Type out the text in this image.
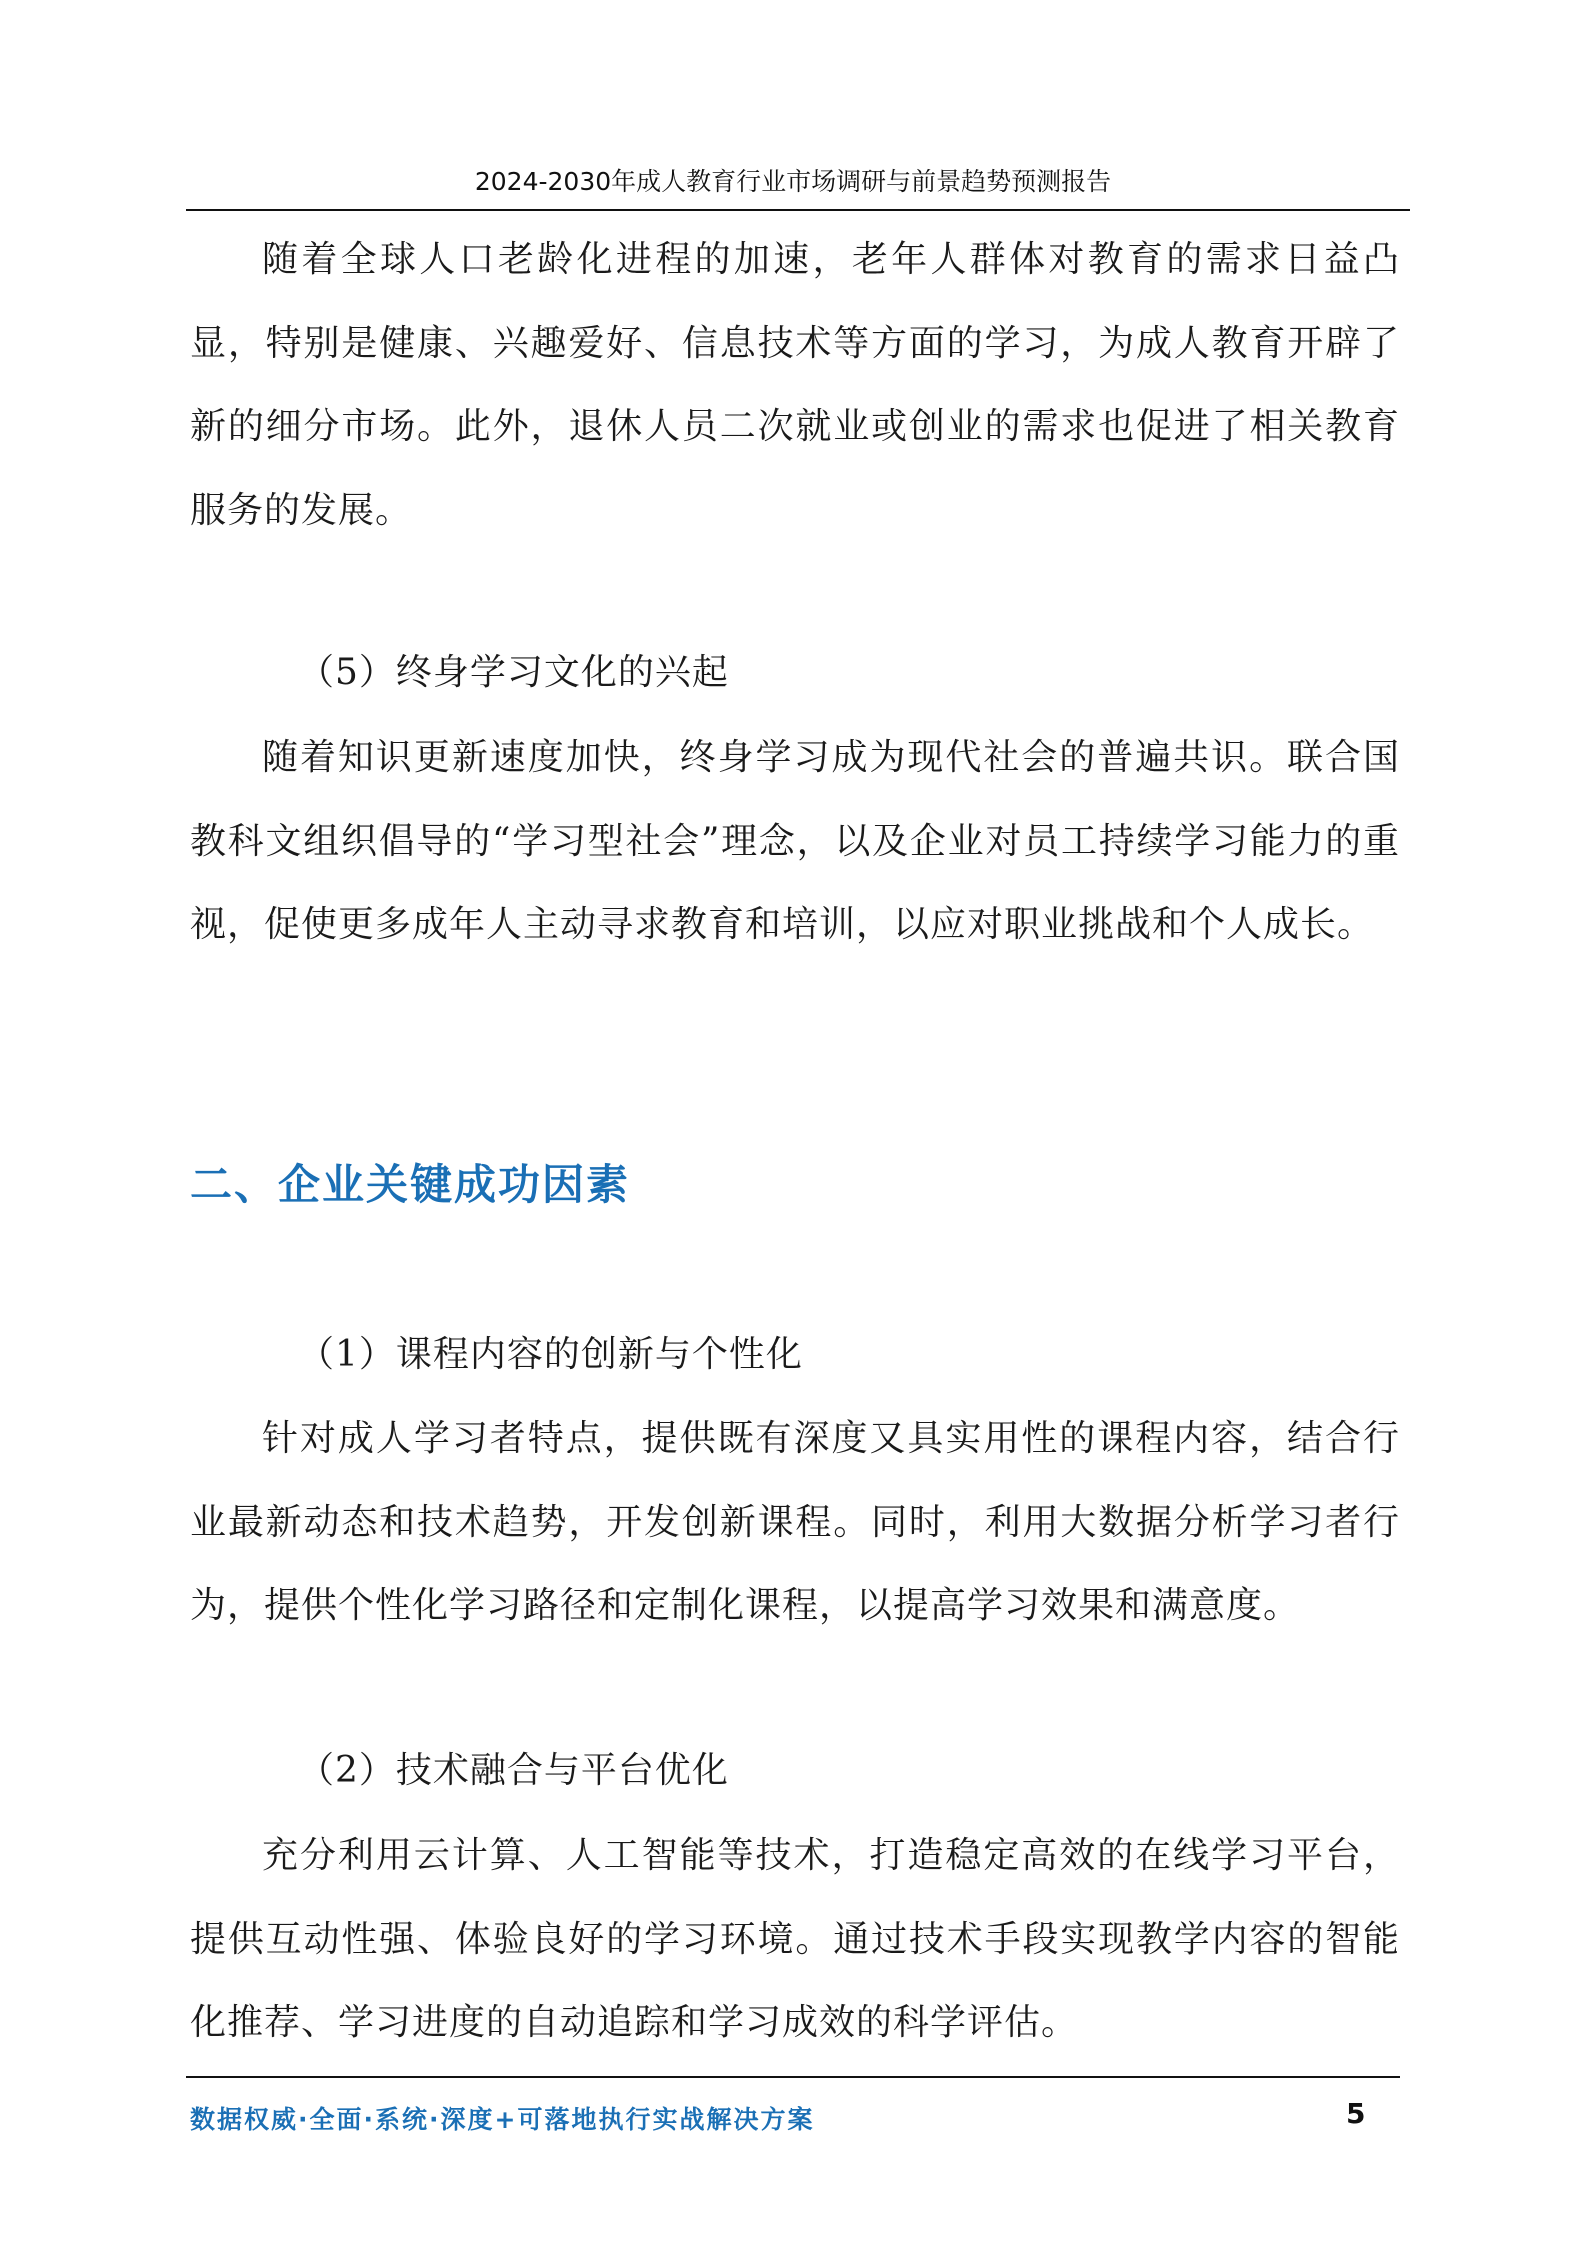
2024-2030年成人教育行业市场调研与前景趋势预测报告

随着全球人口老龄化进程的加速，老年人群体对教育的需求日益凸显，特别是健康、兴趣爱好、信息技术等方面的学习，为成人教育开辟了新的细分市场。此外，退休人员二次就业或创业的需求也促进了相关教育服务的发展。

（5）终身学习文化的兴起

随着知识更新速度加快，终身学习成为现代社会的普遍共识。联合国教科文组织倡导的“学习型社会”理念，以及企业对员工持续学习能力的重视，促使更多成年人主动寻求教育和培训，以应对职业挑战和个人成长。

二、企业关键成功因素

（1）课程内容的创新与个性化

针对成人学习者特点，提供既有深度又具实用性的课程内容，结合行业最新动态和技术趋势，开发创新课程。同时，利用大数据分析学习者行为，提供个性化学习路径和定制化课程，以提高学习效果和满意度。

（2）技术融合与平台优化

充分利用云计算、人工智能等技术，打造稳定高效的在线学习平台，提供互动性强、体验良好的学习环境。通过技术手段实现教学内容的智能化推荐、学习进度的自动追踪和学习成效的科学评估。

数据权威·全面·系统·深度+可落地执行实战解决方案	5
